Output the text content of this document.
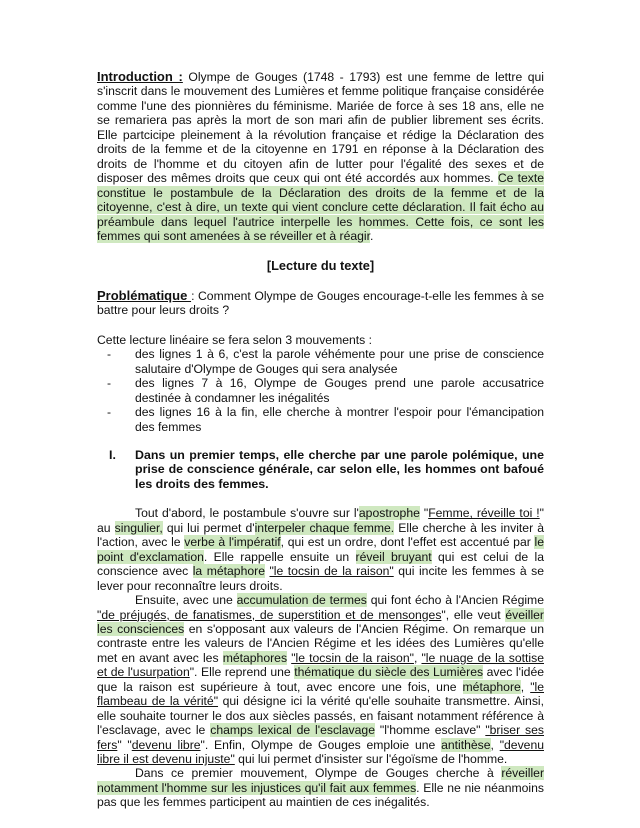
Introduction : Olympe de Gouges (1748 - 1793) est une femme de lettre qui s'inscrit dans le mouvement des Lumières et femme politique française considérée comme l'une des pionnières du féminisme. Mariée de force à ses 18 ans, elle ne se remariera pas après la mort de son mari afin de publier librement ses écrits. Elle partcicipe pleinement à la révolution française et rédige la Déclaration des droits de la femme et de la citoyenne en 1791 en réponse à la Déclaration des droits de l'homme et du citoyen afin de lutter pour l'égalité des sexes et de disposer des mêmes droits que ceux qui ont été accordés aux hommes. Ce texte constitue le postambule de la Déclaration des droits de la femme et de la citoyenne, c'est à dire, un texte qui vient conclure cette déclaration. Il fait écho au préambule dans lequel l'autrice interpelle les hommes. Cette fois, ce sont les femmes qui sont amenées à se réveiller et à réagir.

[Lecture du texte]

Problématique : Comment Olympe de Gouges encourage-t-elle les femmes à se battre pour leurs droits ?

Cette lecture linéaire se fera selon 3 mouvements :

- des lignes 1 à 6, c'est la parole véhémente pour une prise de conscience salutaire d'Olympe de Gouges qui sera analysée
- des lignes 7 à 16, Olympe de Gouges prend une parole accusatrice destinée à condamner les inégalités
- des lignes 16 à la fin, elle cherche à montrer l'espoir pour l'émancipation des femmes
I.	Dans un premier temps, elle cherche par une parole polémique, une prise de conscience générale, car selon elle, les hommes ont bafoué les droits des femmes.

Tout d'abord, le postambule s'ouvre sur l'apostrophe "Femme, réveille toi !" au singulier, qui lui permet d'interpeler chaque femme. Elle cherche à les inviter à l'action, avec le verbe à l'impératif, qui est un ordre, dont l'effet est accentué par le point d'exclamation. Elle rappelle ensuite un réveil bruyant qui est celui de la conscience avec la métaphore "le tocsin de la raison" qui incite les femmes à se lever pour reconnaître leurs droits.

Ensuite, avec une accumulation de termes qui font écho à l'Ancien Régime "de préjugés, de fanatismes, de superstition et de mensonges", elle veut éveiller les consciences en s'opposant aux valeurs de l'Ancien Régime. On remarque un contraste entre les valeurs de l'Ancien Régime et les idées des Lumières qu'elle met en avant avec les métaphores "le tocsin de la raison", "le nuage de la sottise et de l'usurpation". Elle reprend une thématique du siècle des Lumières avec l'idée que la raison est supérieure à tout, avec encore une fois, une métaphore, "le flambeau de la vérité" qui désigne ici la vérité qu'elle souhaite transmettre. Ainsi, elle souhaite tourner le dos aux siècles passés, en faisant notamment référence à l'esclavage, avec le champs lexical de l'esclavage "l'homme esclave" "briser ses fers" "devenu libre". Enfin, Olympe de Gouges emploie une antithèse, "devenu libre il est devenu injuste" qui lui permet d'insister sur l'égoïsme de l'homme.

Dans ce premier mouvement, Olympe de Gouges cherche à réveiller notamment l'homme sur les injustices qu'il fait aux femmes. Elle ne nie néanmoins pas que les femmes participent au maintien de ces inégalités.
